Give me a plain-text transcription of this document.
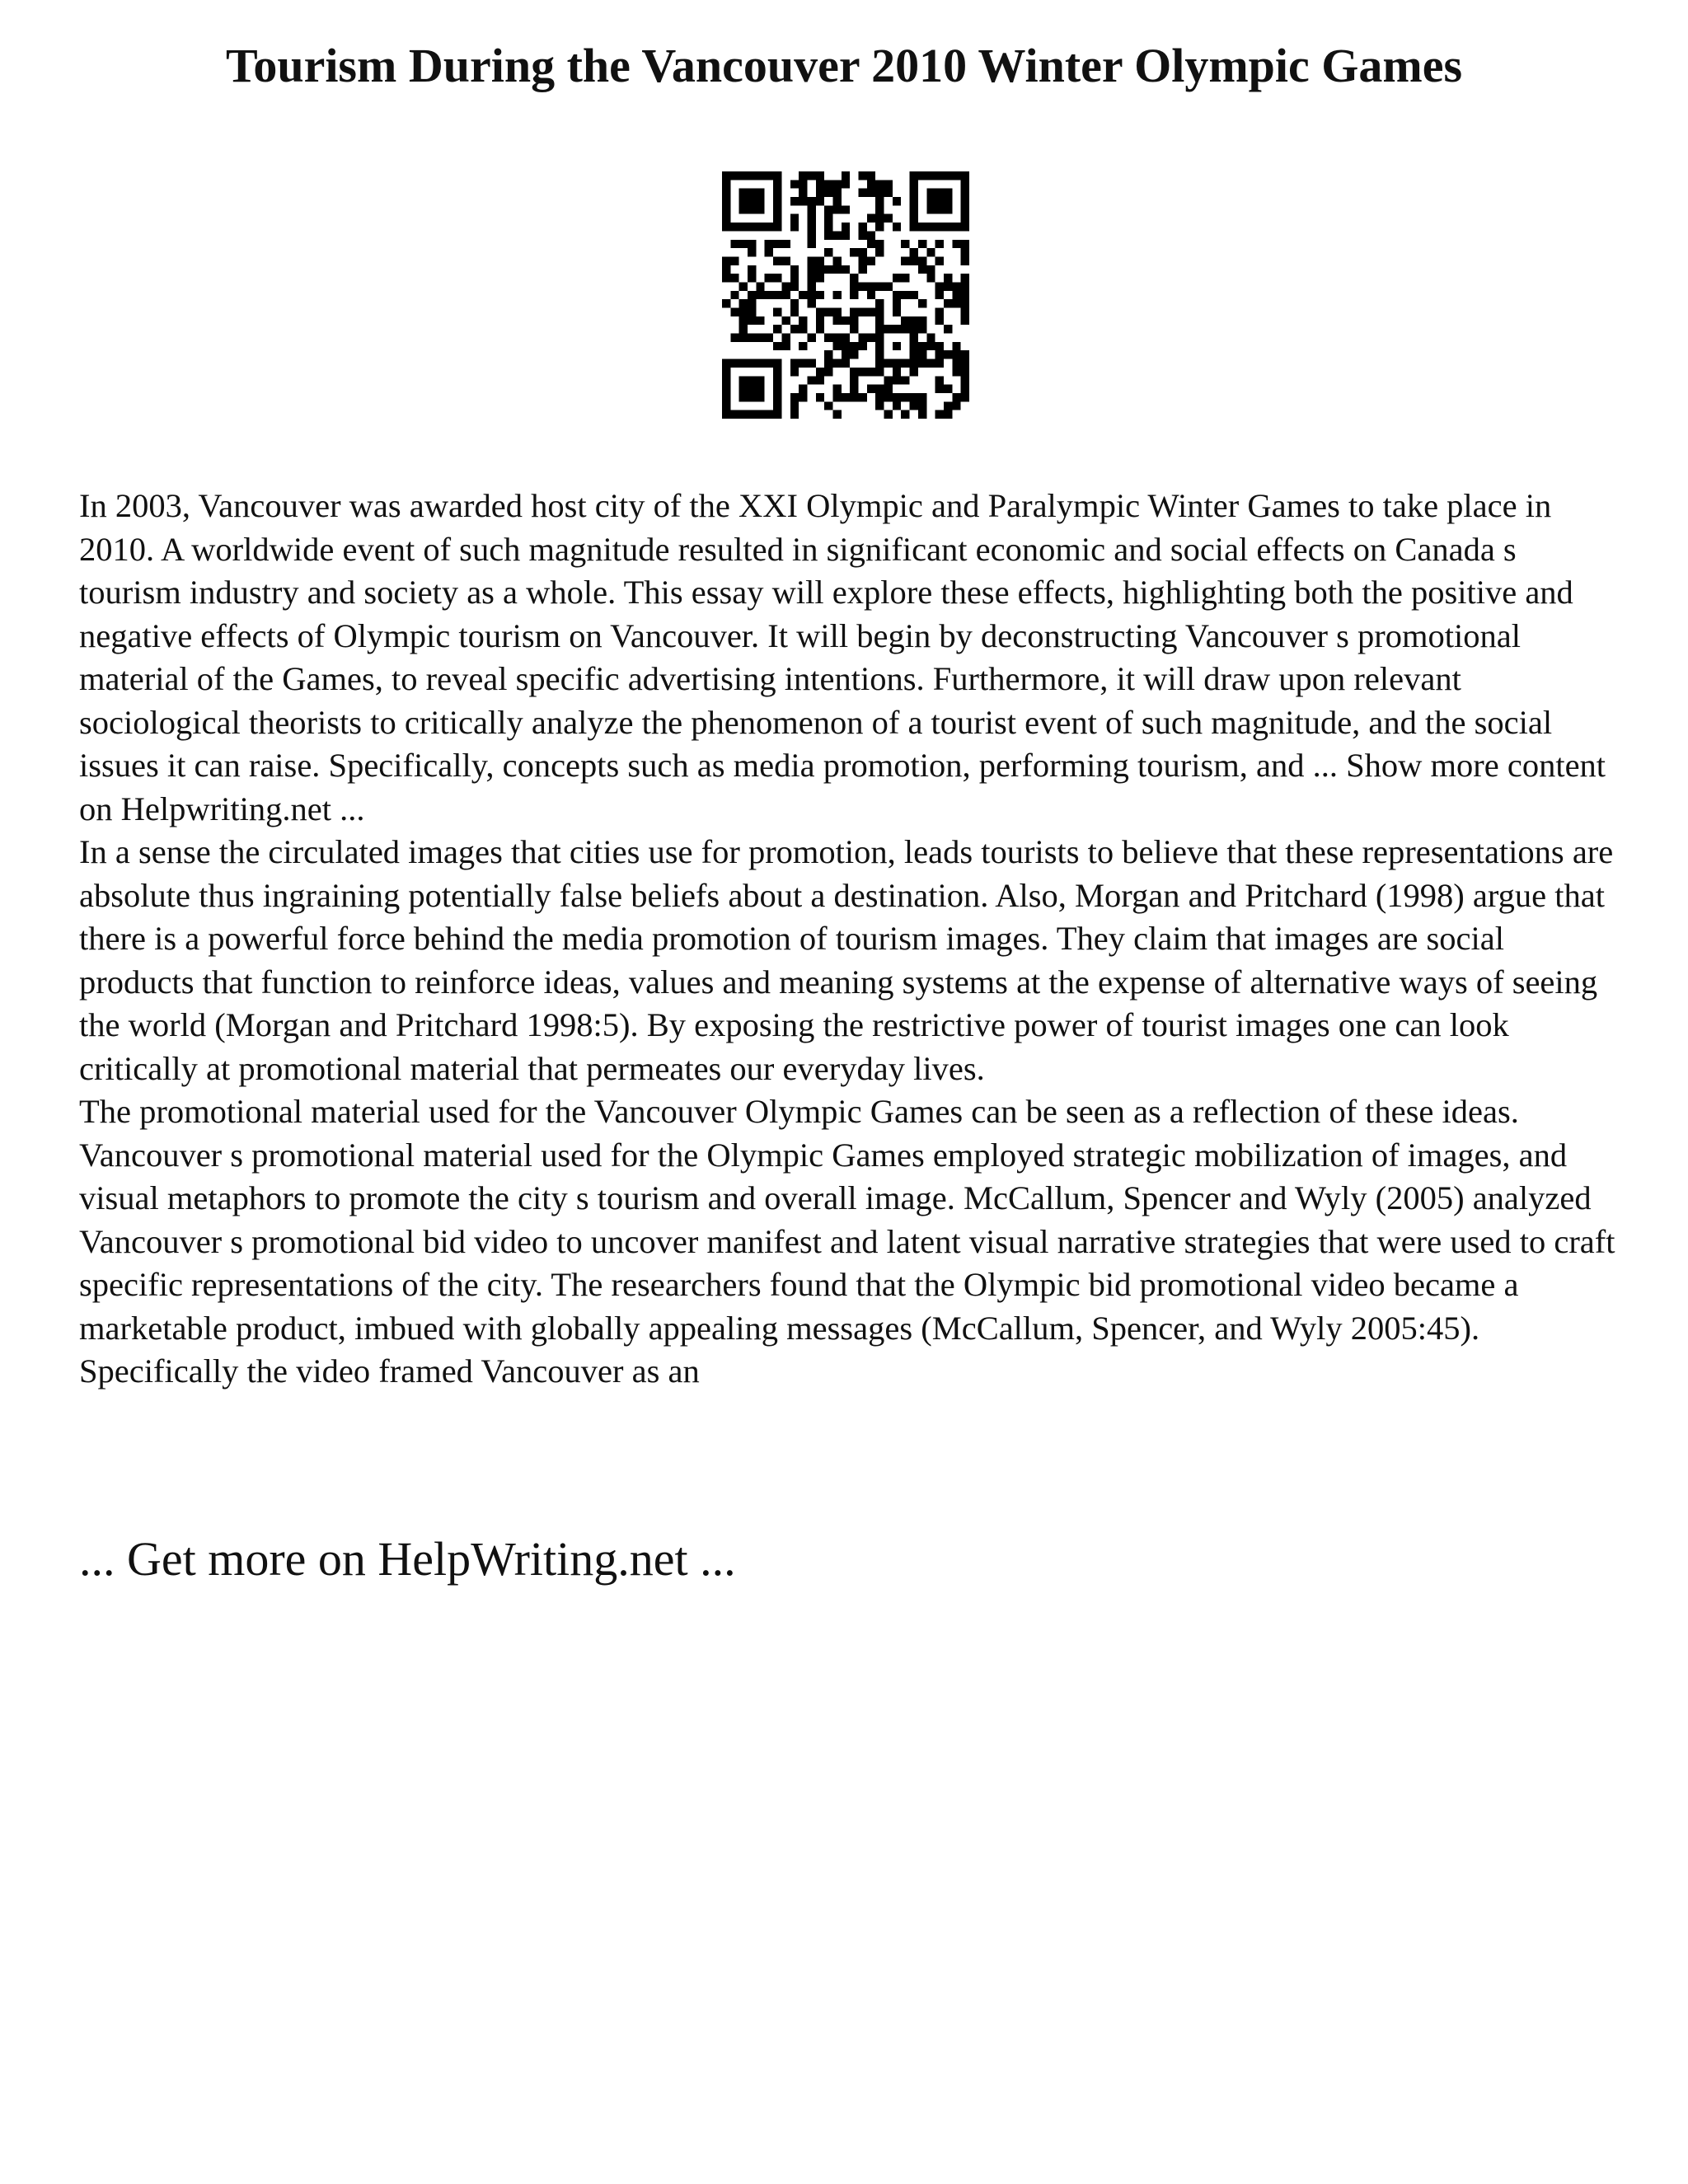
Tourism During the Vancouver 2010 Winter Olympic Games

In 2003, Vancouver was awarded host city of the XXI Olympic and Paralympic Winter Games to take place in 2010. A worldwide event of such magnitude resulted in significant economic and social effects on Canada s tourism industry and society as a whole. This essay will explore these effects, highlighting both the positive and negative effects of Olympic tourism on Vancouver. It will begin by deconstructing Vancouver s promotional material of the Games, to reveal specific advertising intentions. Furthermore, it will draw upon relevant sociological theorists to critically analyze the phenomenon of a tourist event of such magnitude, and the social issues it can raise. Specifically, concepts such as media promotion, performing tourism, and ... Show more content on Helpwriting.net ...

In a sense the circulated images that cities use for promotion, leads tourists to believe that these representations are absolute thus ingraining potentially false beliefs about a destination. Also, Morgan and Pritchard (1998) argue that there is a powerful force behind the media promotion of tourism images. They claim that images are social products that function to reinforce ideas, values and meaning systems at the expense of alternative ways of seeing the world (Morgan and Pritchard 1998:5). By exposing the restrictive power of tourist images one can look critically at promotional material that permeates our everyday lives.

The promotional material used for the Vancouver Olympic Games can be seen as a reflection of these ideas. Vancouver s promotional material used for the Olympic Games employed strategic mobilization of images, and visual metaphors to promote the city s tourism and overall image. McCallum, Spencer and Wyly (2005) analyzed Vancouver s promotional bid video to uncover manifest and latent visual narrative strategies that were used to craft specific representations of the city. The researchers found that the Olympic bid promotional video became a marketable product, imbued with globally appealing messages (McCallum, Spencer, and Wyly 2005:45). Specifically the video framed Vancouver as an

... Get more on HelpWriting.net ...
